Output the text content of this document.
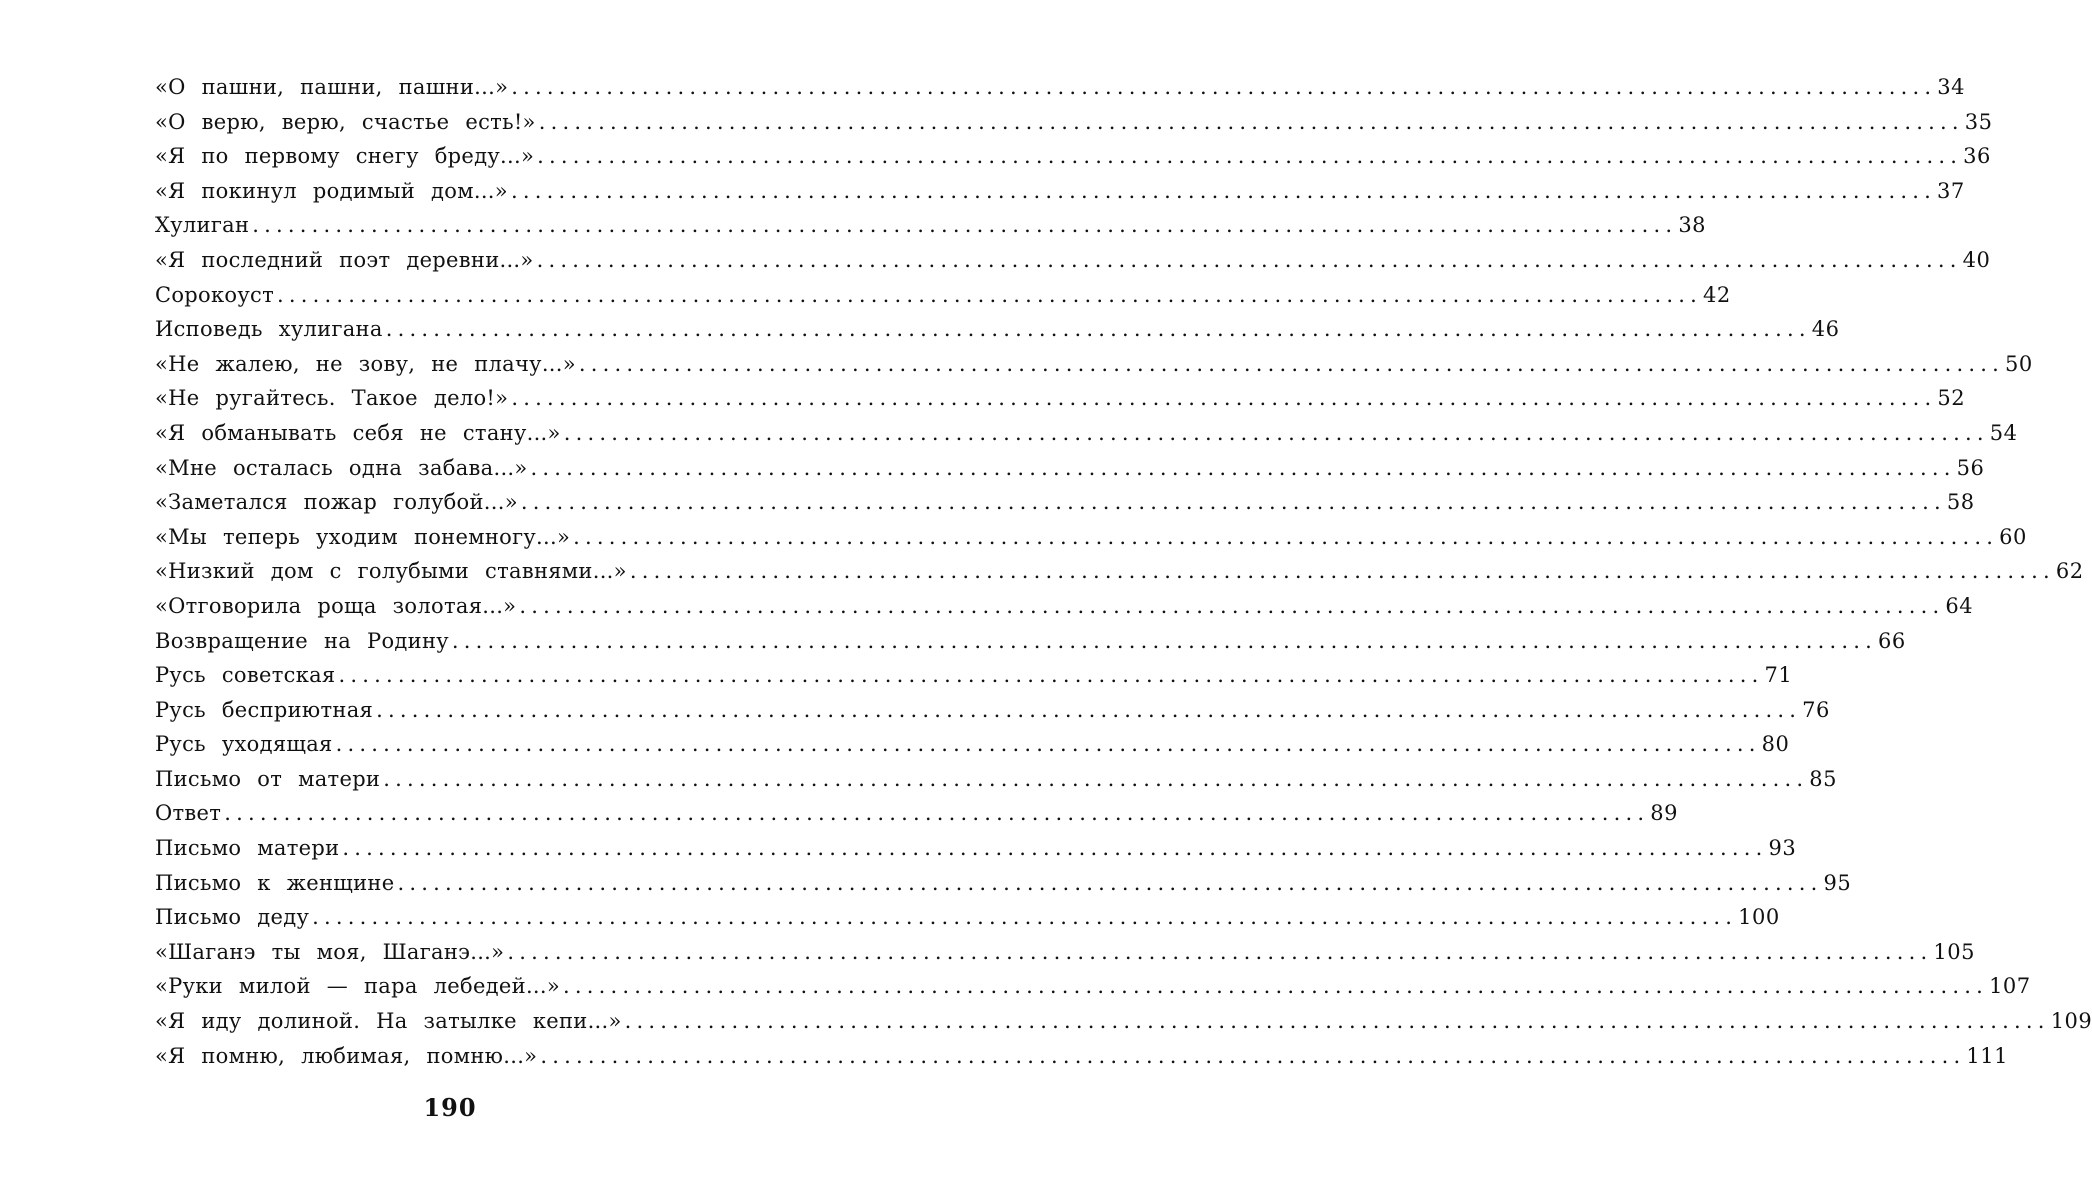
«О пашни, пашни, пашни...» ........................................................................................................................ 34
«О верю, верю, счастье есть!» ........................................................................................................................ 35
«Я по первому снегу бреду...» ........................................................................................................................ 36
«Я покинул родимый дом...» ........................................................................................................................ 37
Хулиган ........................................................................................................................ 38
«Я последний поэт деревни...» ........................................................................................................................ 40
Сорокоуст ........................................................................................................................ 42
Исповедь хулигана ........................................................................................................................ 46
«Не жалею, не зову, не плачу...» ........................................................................................................................ 50
«Не ругайтесь. Такое дело!» ........................................................................................................................ 52
«Я обманывать себя не стану...» ........................................................................................................................ 54
«Мне осталась одна забава...» ........................................................................................................................ 56
«Заметался пожар голубой...» ........................................................................................................................ 58
«Мы теперь уходим понемногу...» ........................................................................................................................ 60
«Низкий дом с голубыми ставнями...» ........................................................................................................................ 62
«Отговорила роща золотая...» ........................................................................................................................ 64
Возвращение на Родину ........................................................................................................................ 66
Русь советская ........................................................................................................................ 71
Русь бесприютная ........................................................................................................................ 76
Русь уходящая ........................................................................................................................ 80
Письмо от матери ........................................................................................................................ 85
Ответ ........................................................................................................................ 89
Письмо матери ........................................................................................................................ 93
Письмо к женщине ........................................................................................................................ 95
Письмо деду ........................................................................................................................ 100
«Шаганэ ты моя, Шаганэ...» ........................................................................................................................ 105
«Руки милой — пара лебедей...» ........................................................................................................................ 107
«Я иду долиной. На затылке кепи...» ........................................................................................................................ 109
«Я помню, любимая, помню...» ........................................................................................................................ 111
190
